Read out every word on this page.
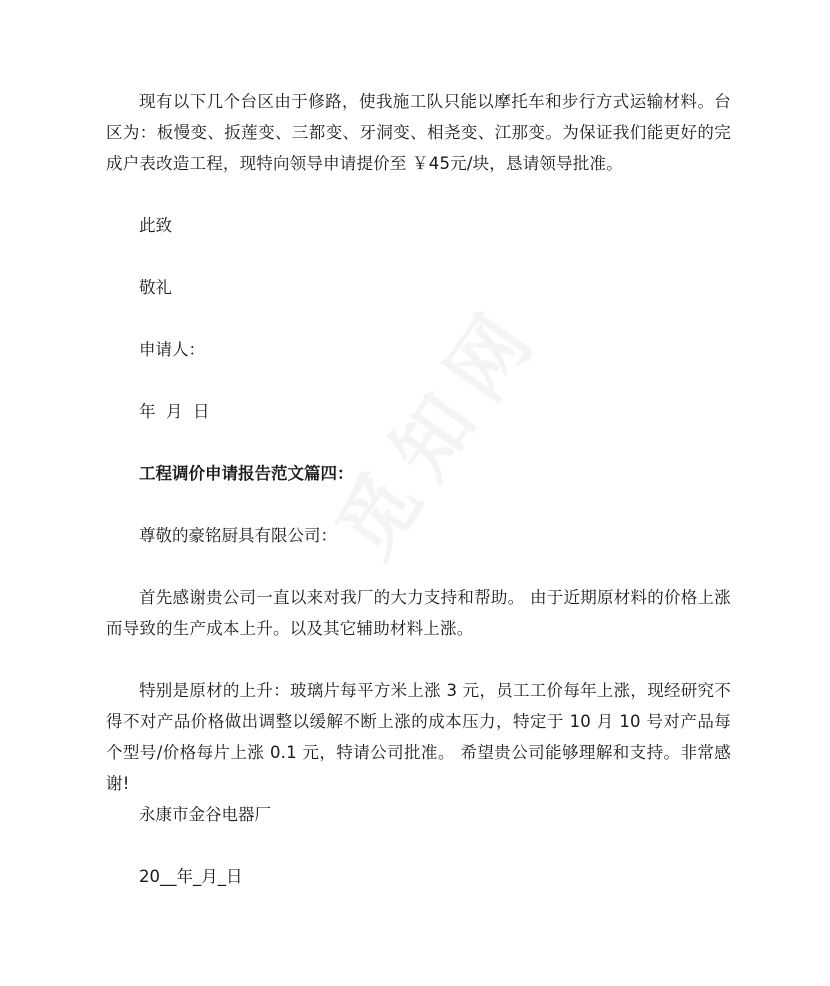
觅知网

现有以下几个台区由于修路，使我施工队只能以摩托车和步行方式运输材料。台区为：板慢变、扳莲变、三都变、牙洞变、相尧变、江那变。为保证我们能更好的完成户表改造工程，现特向领导申请提价至 ￥45元/块，恳请领导批准。

此致

敬礼

申请人：

年  月  日

工程调价申请报告范文篇四：

尊敬的豪铭厨具有限公司：

首先感谢贵公司一直以来对我厂的大力支持和帮助。 由于近期原材料的价格上涨而导致的生产成本上升。以及其它辅助材料上涨。

特别是原材的上升：玻璃片每平方米上涨 3 元，员工工价每年上涨，现经研究不得不对产品价格做出调整以缓解不断上涨的成本压力，特定于 10 月 10 号对产品每个型号/价格每片上涨 0.1 元，特请公司批准。 希望贵公司能够理解和支持。非常感谢!

永康市金谷电器厂

20__年_月_日
